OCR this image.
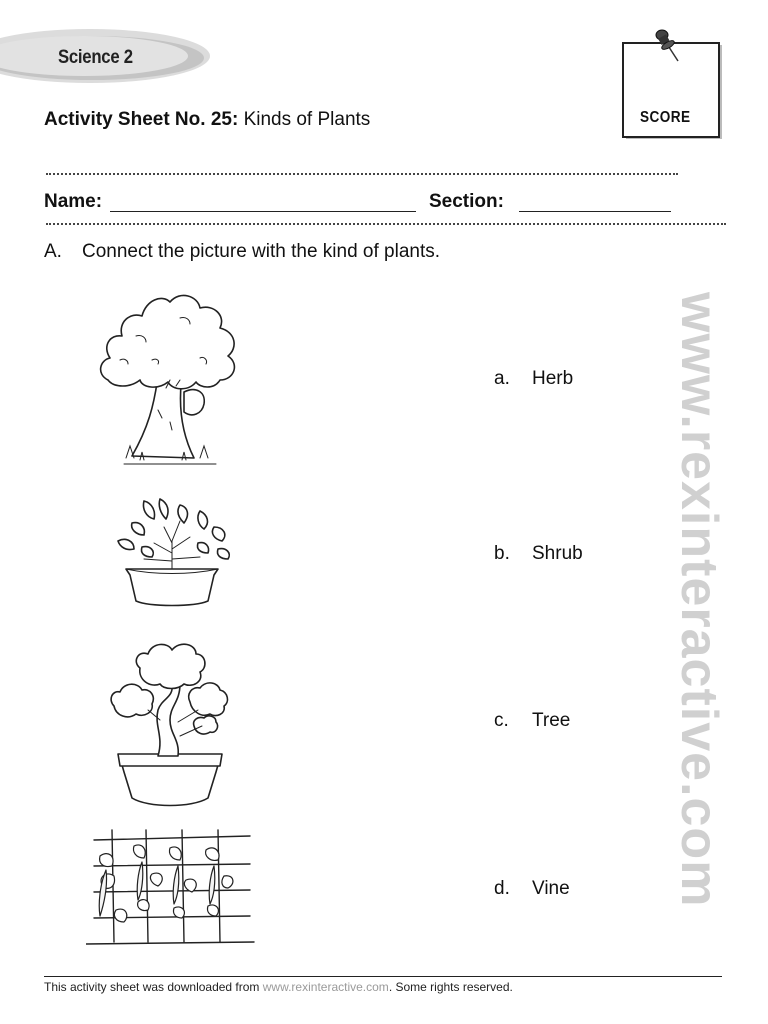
Science 2
Activity Sheet No. 25: Kinds of Plants	SCORE
Name:	Section:
A. Connect the picture with the kind of plants.
a. Herb
b. Shrub
c. Tree
d. Vine www.rexinteractive.com
This activity sheet was downloaded from www.rexinteractive.com. Some rights reserved.
